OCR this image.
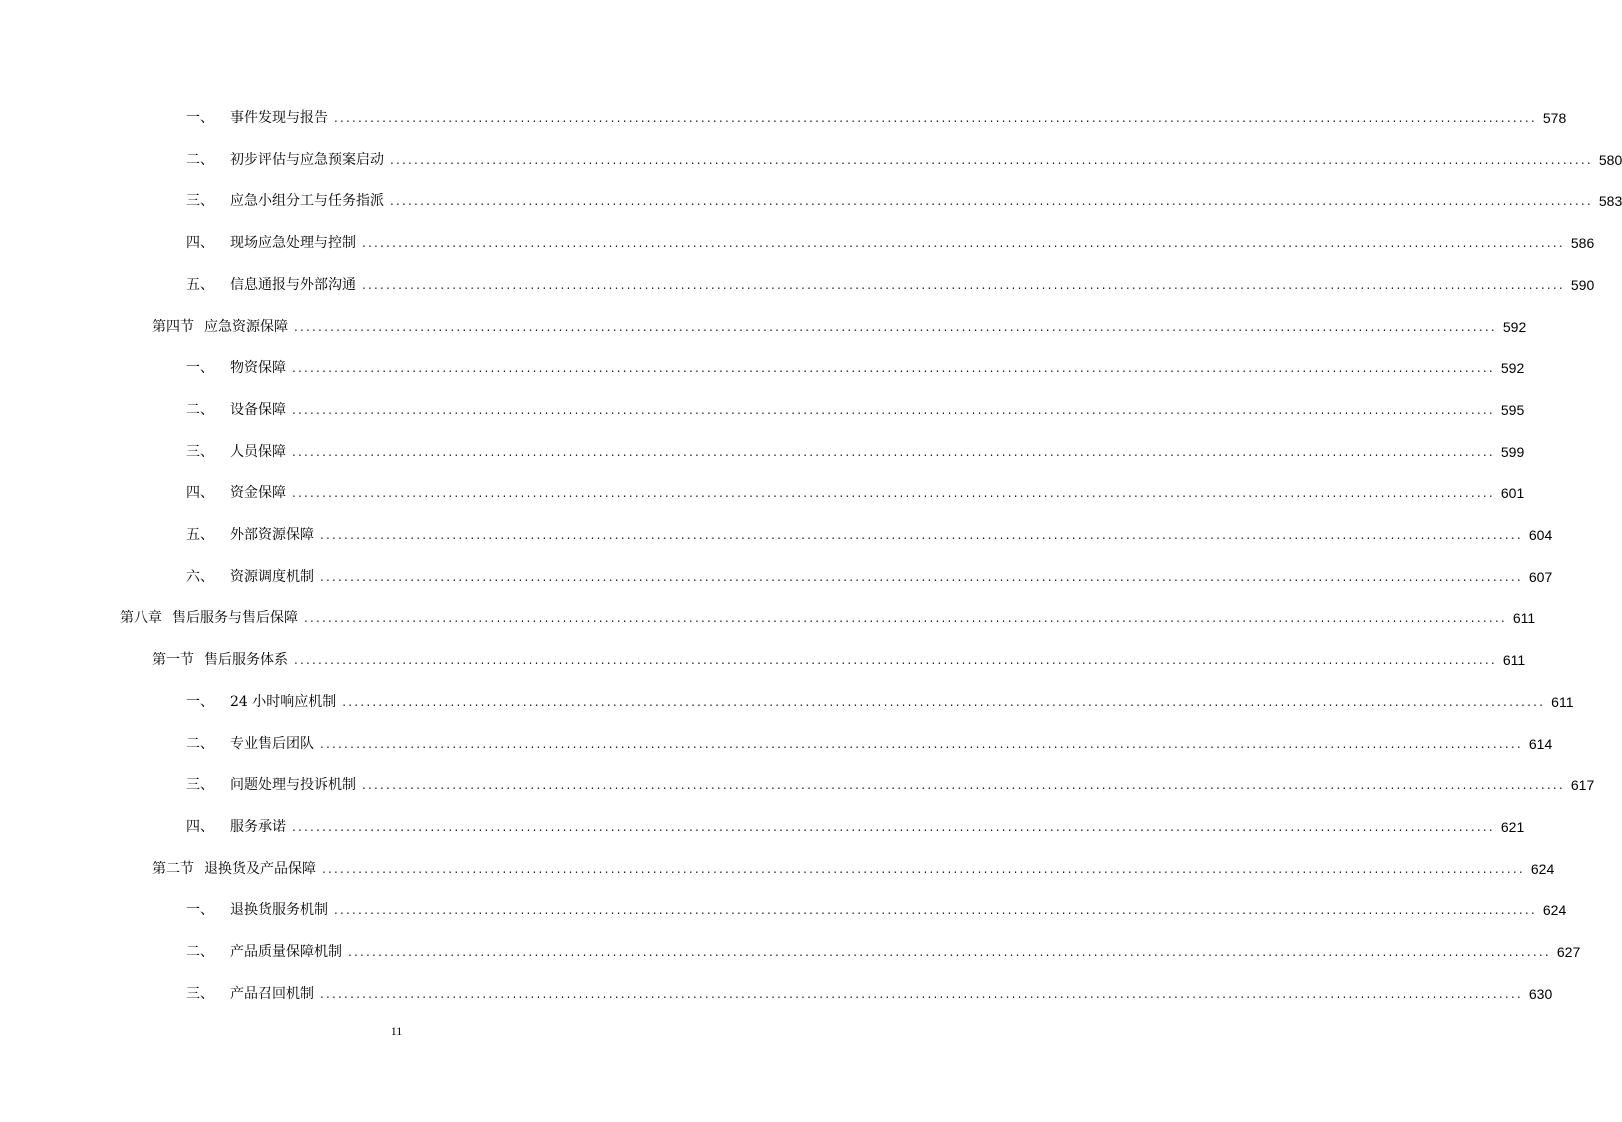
一、 事件发现与报告 ........................................................................................................................................................................................................ 578
二、 初步评估与应急预案启动 ........................................................................................................................................................................................................ 580
三、 应急小组分工与任务指派 ........................................................................................................................................................................................................ 583
四、 现场应急处理与控制 ........................................................................................................................................................................................................ 586
五、 信息通报与外部沟通 ........................................................................................................................................................................................................ 590
第四节 应急资源保障 ........................................................................................................................................................................................................ 592
一、 物资保障 ........................................................................................................................................................................................................ 592
二、 设备保障 ........................................................................................................................................................................................................ 595
三、 人员保障 ........................................................................................................................................................................................................ 599
四、 资金保障 ........................................................................................................................................................................................................ 601
五、 外部资源保障 ........................................................................................................................................................................................................ 604
六、 资源调度机制 ........................................................................................................................................................................................................ 607
第八章 售后服务与售后保障 ........................................................................................................................................................................................................ 611
第一节 售后服务体系 ........................................................................................................................................................................................................ 611
一、 24 小时响应机制 ........................................................................................................................................................................................................ 611
二、 专业售后团队 ........................................................................................................................................................................................................ 614
三、 问题处理与投诉机制 ........................................................................................................................................................................................................ 617
四、 服务承诺 ........................................................................................................................................................................................................ 621
第二节 退换货及产品保障 ........................................................................................................................................................................................................ 624
一、 退换货服务机制 ........................................................................................................................................................................................................ 624
二、 产品质量保障机制 ........................................................................................................................................................................................................ 627
三、 产品召回机制 ........................................................................................................................................................................................................ 630
11
